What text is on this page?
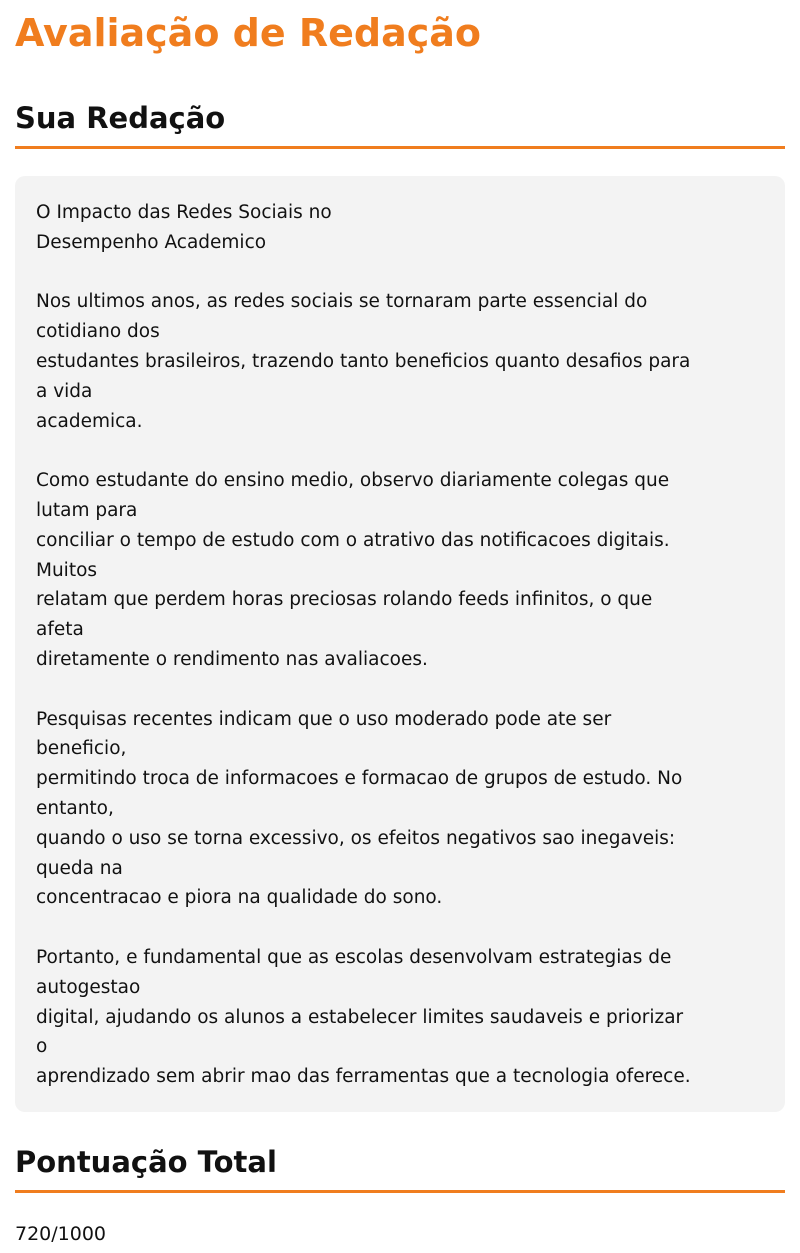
Avaliação de Redação
Sua Redação
O Impacto das Redes Sociais no
Desempenho Academico
Nos ultimos anos, as redes sociais se tornaram parte essencial do
cotidiano dos
estudantes brasileiros, trazendo tanto beneficios quanto desafios para
a vida
academica.
Como estudante do ensino medio, observo diariamente colegas que
lutam para
conciliar o tempo de estudo com o atrativo das notificacoes digitais.
Muitos
relatam que perdem horas preciosas rolando feeds infinitos, o que
afeta
diretamente o rendimento nas avaliacoes.
Pesquisas recentes indicam que o uso moderado pode ate ser
beneficio,
permitindo troca de informacoes e formacao de grupos de estudo. No
entanto,
quando o uso se torna excessivo, os efeitos negativos sao inegaveis:
queda na
concentracao e piora na qualidade do sono.
Portanto, e fundamental que as escolas desenvolvam estrategias de
autogestao
digital, ajudando os alunos a estabelecer limites saudaveis e priorizar
o
aprendizado sem abrir mao das ferramentas que a tecnologia oferece.
Pontuação Total
720/1000
